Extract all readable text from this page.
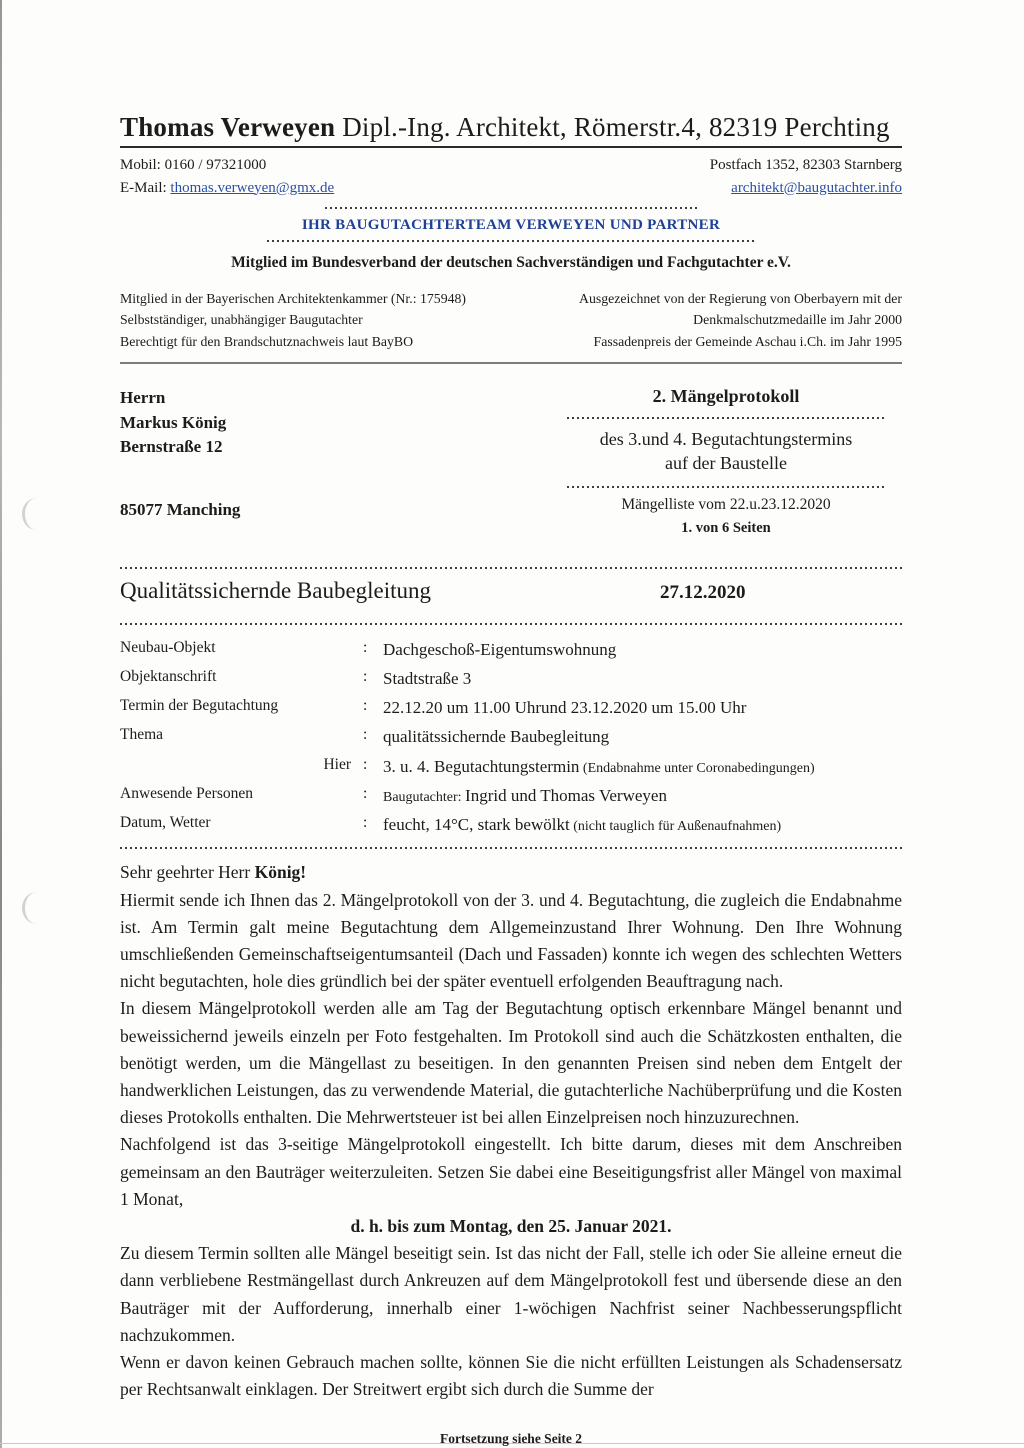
Thomas Verweyen Dipl.-Ing. Architekt, Römerstr.4, 82319 Perchting
Mobil: 0160 / 97321000
E-Mail: thomas.verweyen@gmx.de
Postfach 1352, 82303 Starnberg
architekt@baugutachter.info
IHR BAUGUTACHTERTEAM VERWEYEN UND PARTNER
Mitglied im Bundesverband der deutschen Sachverständigen und Fachgutachter e.V.
Mitglied in der Bayerischen Architektenkammer (Nr.: 175948)
Selbstständiger, unabhängiger Baugutachter
Berechtigt für den Brandschutznachweis laut BayBO
Ausgezeichnet von der Regierung von Oberbayern mit der
Denkmalschutzmedaille im Jahr 2000
Fassadenpreis der Gemeinde Aschau i.Ch. im Jahr 1995
Herrn
Markus König
Bernstraße 12
85077 Manching
2. Mängelprotokoll
des 3.und 4. Begutachtungstermins
auf der Baustelle
Mängelliste vom 22.u.23.12.2020
1. von 6 Seiten
Qualitätssichernde Baubegleitung	27.12.2020
Neubau-Objekt	: Dachgeschoß-Eigentumswohnung
Objektanschrift	: Stadtstraße 3
Termin der Begutachtung	: 22.12.20 um 11.00 Uhrund 23.12.2020 um 15.00 Uhr
Thema	: qualitätssichernde Baubegleitung
Hier : 3. u. 4. Begutachtungstermin (Endabnahme unter Coronabedingungen)
Anwesende Personen	:	Baugutachter: Ingrid und Thomas Verweyen
Datum, Wetter	: feucht, 14°C, stark bewölkt (nicht tauglich für Außenaufnahmen)

Sehr geehrter Herr König!

Hiermit sende ich Ihnen das 2. Mängelprotokoll von der 3. und 4. Begutachtung, die zugleich die Endabnahme ist. Am Termin galt meine Begutachtung dem Allgemeinzustand Ihrer Wohnung. Den Ihre Wohnung umschließenden Gemeinschaftseigentumsanteil (Dach und Fassaden) konnte ich wegen des schlechten Wetters nicht begutachten, hole dies gründlich bei der später eventuell erfolgenden Beauftragung nach.

In diesem Mängelprotokoll werden alle am Tag der Begutachtung optisch erkennbare Mängel benannt und beweissichernd jeweils einzeln per Foto festgehalten. Im Protokoll sind auch die Schätzkosten enthalten, die benötigt werden, um die Mängellast zu beseitigen. In den genannten Preisen sind neben dem Entgelt der handwerklichen Leistungen, das zu verwendende Material, die gutachterliche Nachüberprüfung und die Kosten dieses Protokolls enthalten. Die Mehrwertsteuer ist bei allen Einzelpreisen noch hinzuzurechnen.

Nachfolgend ist das 3-seitige Mängelprotokoll eingestellt. Ich bitte darum, dieses mit dem Anschreiben gemeinsam an den Bauträger weiterzuleiten. Setzen Sie dabei eine Beseitigungsfrist aller Mängel von maximal 1 Monat,

d. h. bis zum Montag, den 25. Januar 2021.

Zu diesem Termin sollten alle Mängel beseitigt sein. Ist das nicht der Fall, stelle ich oder Sie alleine erneut die dann verbliebene Restmängellast durch Ankreuzen auf dem Mängelprotokoll fest und übersende diese an den Bauträger mit der Aufforderung, innerhalb einer 1-wöchigen Nachfrist seiner Nachbesserungspflicht nachzukommen.

Wenn er davon keinen Gebrauch machen sollte, können Sie die nicht erfüllten Leistungen als Schadensersatz per Rechtsanwalt einklagen. Der Streitwert ergibt sich durch die Summe der

Fortsetzung siehe Seite 2
